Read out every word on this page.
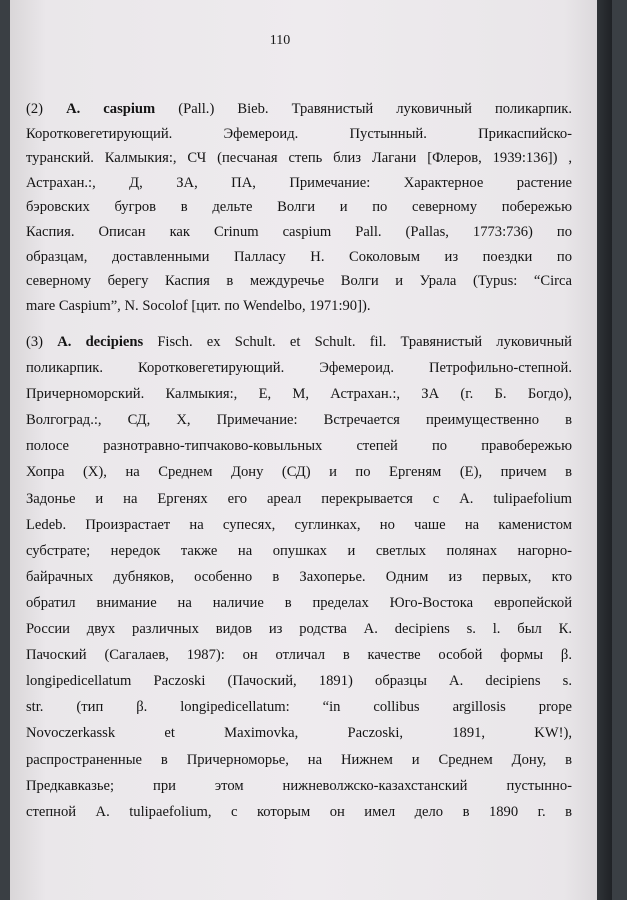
110
(2) A. caspium (Pall.) Bieb. Травянистый луковичный поликарпик.
Коротковегетирующий. Эфемероид. Пустынный. Прикаспийско-
туранский. Калмыкия:, СЧ (песчаная степь близ Лагани [Флеров, 1939:136]) ,
Астрахан.:, Д, ЗА, ПА, Примечание: Характерное растение
бэровских бугров в дельте Волги и по северному побережью
Каспия. Описан как Crinum caspium Pall. (Pallas, 1773:736) по
образцам, доставленными Палласу Н. Соколовым из поездки по
северному берегу Каспия в междуречье Волги и Урала (Typus: “Circa
mare Caspium”, N. Socolof [цит. по Wendelbo, 1971:90]).
(3) A. decipiens Fisch. ex Schult. et Schult. fil. Травянистый луковичный
поликарпик. Коротковегетирующий. Эфемероид. Петрофильно-степной.
Причерноморский. Калмыкия:, Е, М, Астрахан.:, ЗА (г. Б. Богдо),
Волгоград.:, СД, Х, Примечание: Встречается преимущественно в
полосе разнотравно-типчаково-ковыльных степей по правобережью
Хопра (Х), на Среднем Дону (СД) и по Ергеням (Е), причем в
Задонье и на Ергенях его ареал перекрывается с A. tulipaefolium
Ledeb. Произрастает на супесях, суглинках, но чаше на каменистом
субстрате; нередок также на опушках и светлых полянах нагорно-
байрачных дубняков, особенно в Захоперье. Одним из первых, кто
обратил внимание на наличие в пределах Юго-Востока европейской
России двух различных видов из родства A. decipiens s. l. был К.
Пачоский (Сагалаев, 1987): он отличал в качестве особой формы β.
longipedicellatum Paczoski (Пачоский, 1891) образцы A. decipiens s.
str. (тип β. longipedicellatum: “in collibus argillosis prope
Novoczerkassk et Maximovka, Paczoski, 1891, KW!),
распространенные в Причерноморье, на Нижнем и Среднем Дону, в
Предкавказье; при этом нижневолжско-казахстанский пустынно-
степной A. tulipaefolium, с которым он имел дело в 1890 г. в
